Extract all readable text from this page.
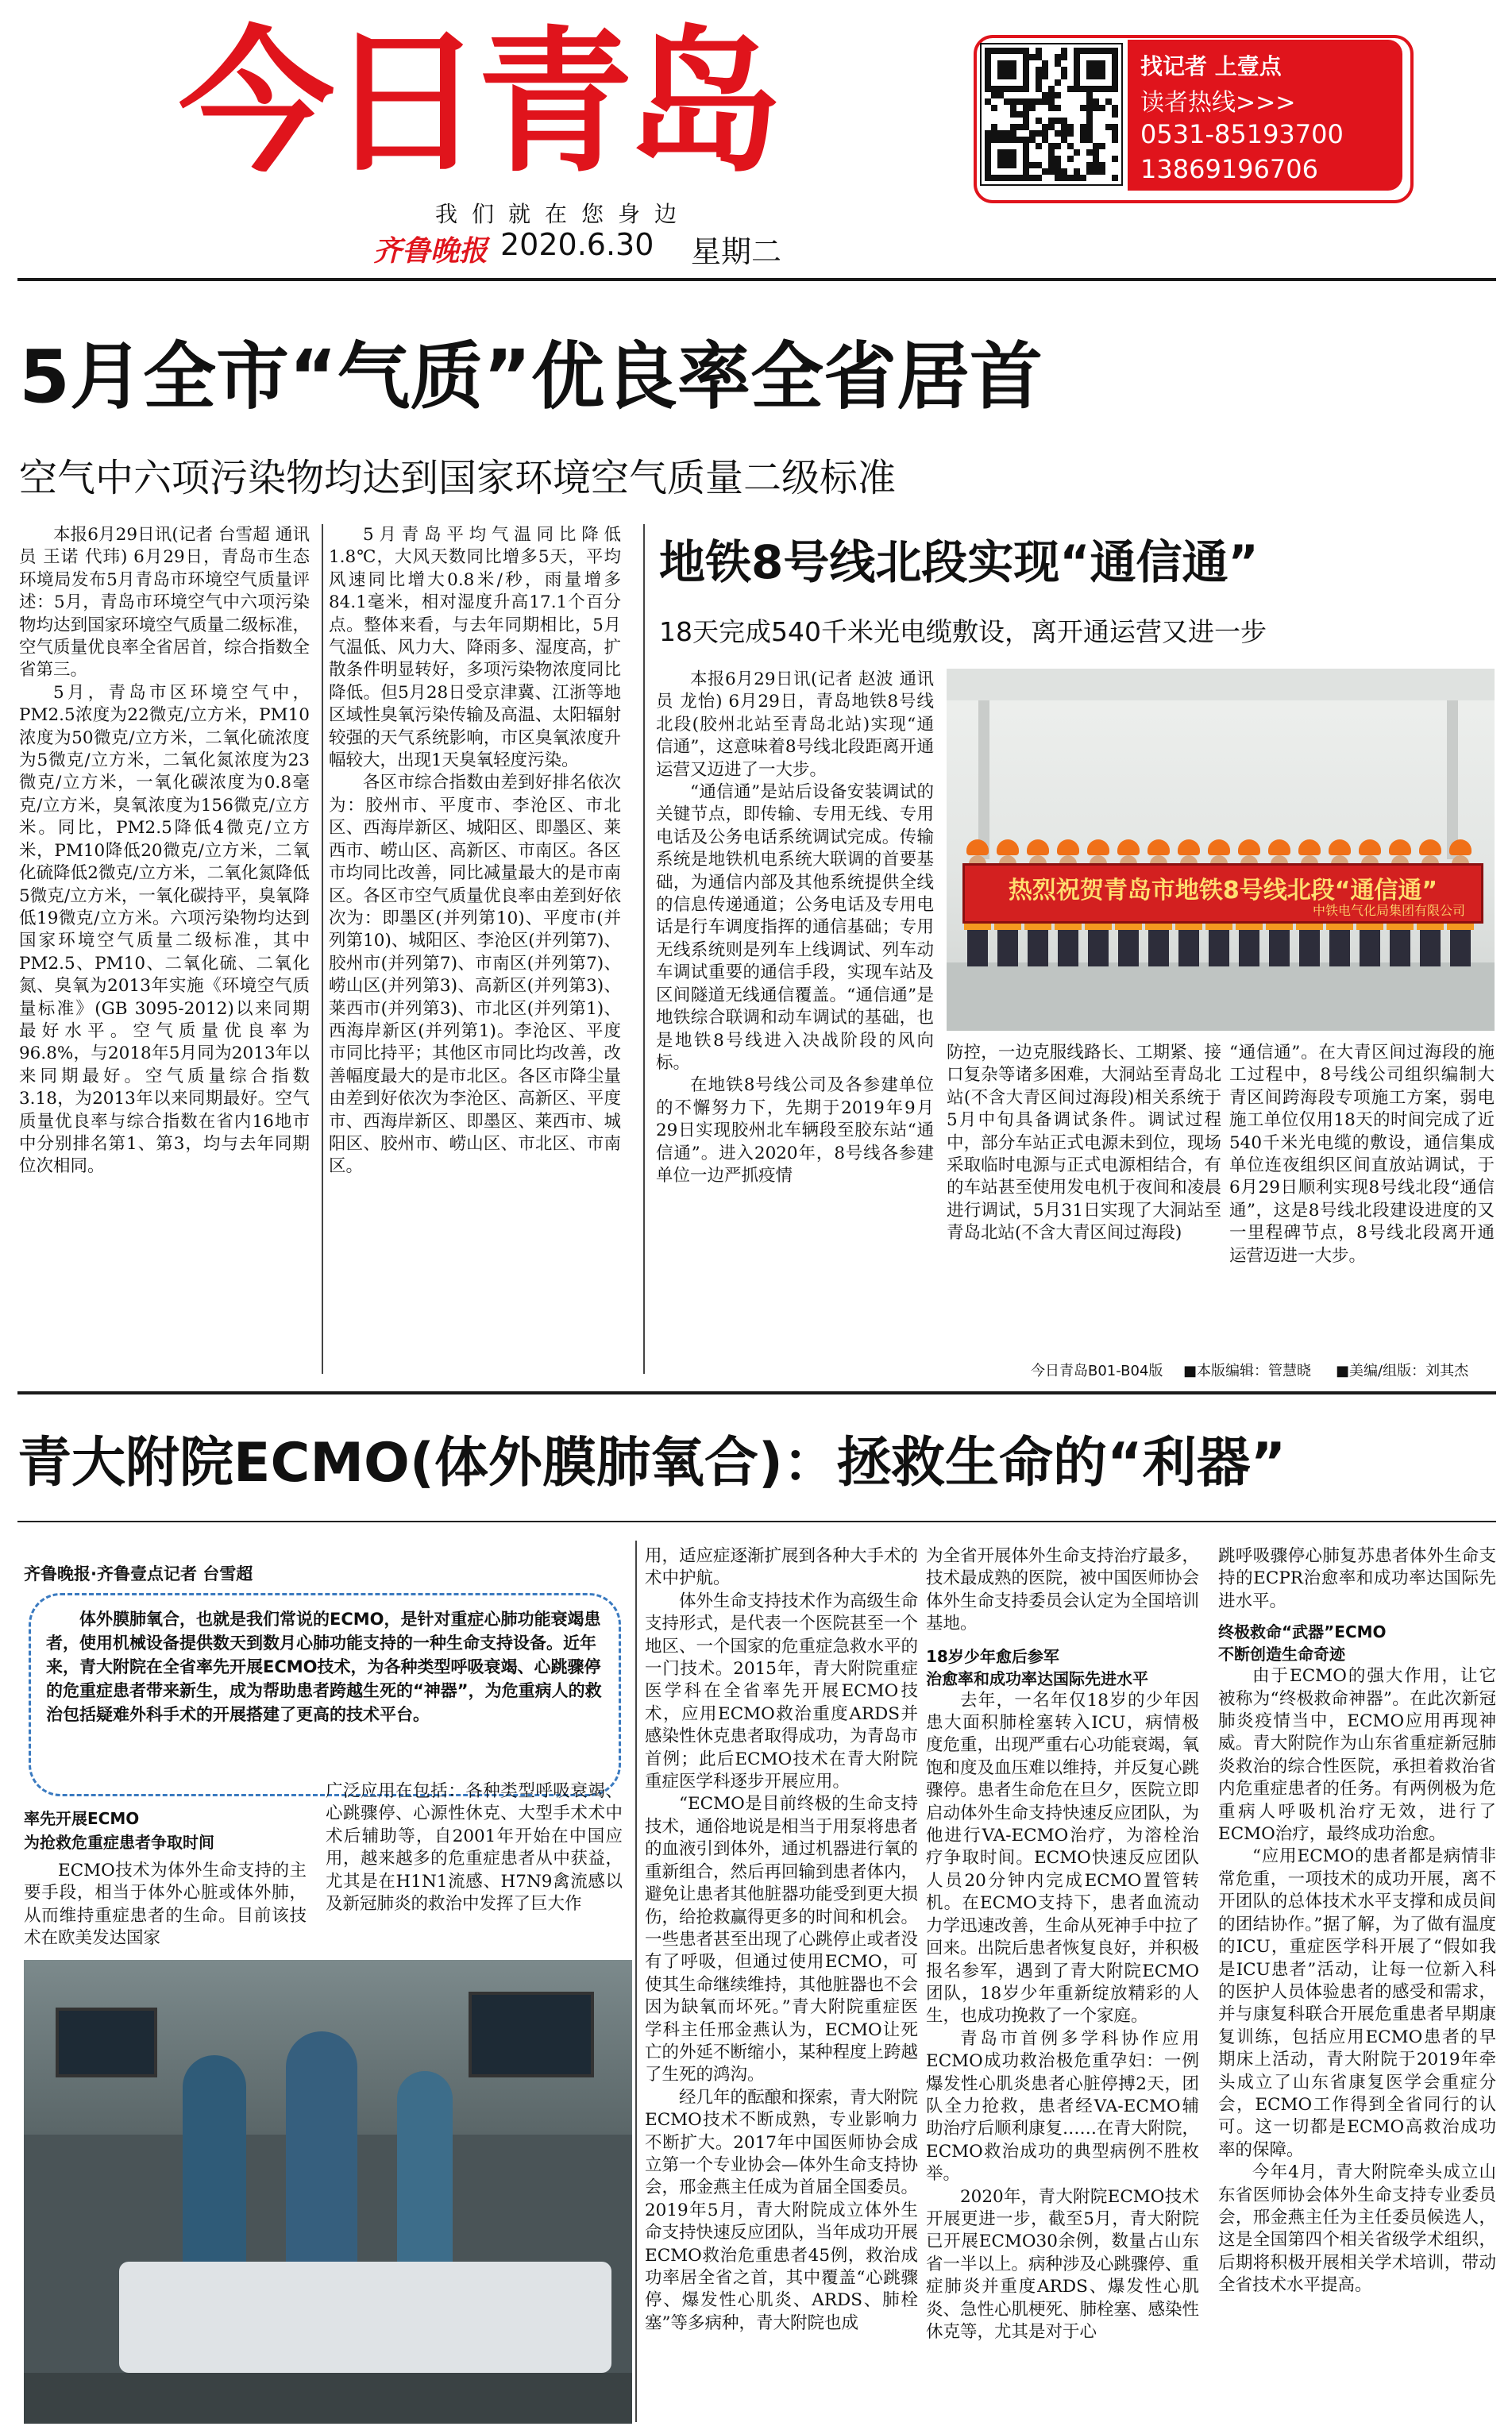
今日青岛
我们就在您身边
齐鲁晚报 2020.6.30 星期二
找记者 上壹点
读者热线>>>
0531-85193700
13869196706
5月全市“气质”优良率全省居首
空气中六项污染物均达到国家环境空气质量二级标准

本报6月29日讯(记者 台雪超 通讯员 王诺 代玮) 6月29日，青岛市生态环境局发布5月青岛市环境空气质量评述：5月，青岛市环境空气中六项污染物均达到国家环境空气质量二级标准，空气质量优良率全省居首，综合指数全省第三。

5月，青岛市区环境空气中，PM2.5浓度为22微克/立方米，PM10浓度为50微克/立方米，二氧化硫浓度为5微克/立方米，二氧化氮浓度为23微克/立方米，一氧化碳浓度为0.8毫克/立方米，臭氧浓度为156微克/立方米。同比，PM2.5降低4微克/立方米，PM10降低20微克/立方米，二氧化硫降低2微克/立方米，二氧化氮降低5微克/立方米，一氧化碳持平，臭氧降低19微克/立方米。六项污染物均达到国家环境空气质量二级标准，其中PM2.5、PM10、二氧化硫、二氧化氮、臭氧为2013年实施《环境空气质量标准》(GB 3095-2012)以来同期最好水平。空气质量优良率为96.8%，与2018年5月同为2013年以来同期最好。空气质量综合指数3.18，为2013年以来同期最好。空气质量优良率与综合指数在省内16地市中分别排名第1、第3，均与去年同期位次相同。

5月青岛平均气温同比降低1.8℃，大风天数同比增多5天，平均风速同比增大0.8米/秒，雨量增多84.1毫米，相对湿度升高17.1个百分点。整体来看，与去年同期相比，5月气温低、风力大、降雨多、湿度高，扩散条件明显转好，多项污染物浓度同比降低。但5月28日受京津冀、江浙等地区域性臭氧污染传输及高温、太阳辐射较强的天气系统影响，市区臭氧浓度升幅较大，出现1天臭氧轻度污染。

各区市综合指数由差到好排名依次为：胶州市、平度市、李沧区、市北区、西海岸新区、城阳区、即墨区、莱西市、崂山区、高新区、市南区。各区市均同比改善，同比减量最大的是市南区。各区市空气质量优良率由差到好依次为：即墨区(并列第10)、平度市(并列第10)、城阳区、李沧区(并列第7)、胶州市(并列第7)、市南区(并列第7)、崂山区(并列第3)、高新区(并列第3)、莱西市(并列第3)、市北区(并列第1)、西海岸新区(并列第1)。李沧区、平度市同比持平；其他区市同比均改善，改善幅度最大的是市北区。各区市降尘量由差到好依次为李沧区、高新区、平度市、西海岸新区、即墨区、莱西市、城阳区、胶州市、崂山区、市北区、市南区。

地铁8号线北段实现“通信通”
18天完成540千米光电缆敷设，离开通运营又进一步

本报6月29日讯(记者 赵波 通讯员 龙怡) 6月29日，青岛地铁8号线北段(胶州北站至青岛北站)实现“通信通”，这意味着8号线北段距离开通运营又迈进了一大步。

“通信通”是站后设备安装调试的关键节点，即传输、专用无线、专用电话及公务电话系统调试完成。传输系统是地铁机电系统大联调的首要基础，为通信内部及其他系统提供全线的信息传递通道；公务电话及专用电话是行车调度指挥的通信基础；专用无线系统则是列车上线调试、列车动车调试重要的通信手段，实现车站及区间隧道无线通信覆盖。“通信通”是地铁综合联调和动车调试的基础，也是地铁8号线进入决战阶段的风向标。

在地铁8号线公司及各参建单位的不懈努力下，先期于2019年9月29日实现胶州北车辆段至胶东站“通信通”。进入2020年，8号线各参建单位一边严抓疫情

热烈祝贺青岛市地铁8号线北段“通信通”
中铁电气化局集团有限公司

防控，一边克服线路长、工期紧、接口复杂等诸多困难，大洞站至青岛北站(不含大青区间过海段)相关系统于5月中旬具备调试条件。调试过程中，部分车站正式电源未到位，现场采取临时电源与正式电源相结合，有的车站甚至使用发电机于夜间和凌晨进行调试，5月31日实现了大洞站至青岛北站(不含大青区间过海段)

“通信通”。在大青区间过海段的施工过程中，8号线公司组织编制大青区间跨海段专项施工方案，弱电施工单位仅用18天的时间完成了近540千米光电缆的敷设，通信集成单位连夜组织区间直放站调试，于6月29日顺利实现8号线北段“通信通”，这是8号线北段建设进度的又一里程碑节点，8号线北段离开通运营迈进一大步。

今日青岛B01-B04版 ■本版编辑：管慧晓 ■美编/组版：刘其杰
青大附院ECMO(体外膜肺氧合)：拯救生命的“利器”
齐鲁晚报·齐鲁壹点记者 台雪超
体外膜肺氧合，也就是我们常说的ECMO，是针对重症心肺功能衰竭患者，使用机械设备提供数天到数月心肺功能支持的一种生命支持设备。近年来，青大附院在全省率先开展ECMO技术，为各种类型呼吸衰竭、心跳骤停的危重症患者带来新生，成为帮助患者跨越生死的“神器”，为危重病人的救治包括疑难外科手术的开展搭建了更高的技术平台。
率先开展ECMO
为抢救危重症患者争取时间

ECMO技术为体外生命支持的主要手段，相当于体外心脏或体外肺，从而维持重症患者的生命。目前该技术在欧美发达国家

广泛应用在包括：各种类型呼吸衰竭、心跳骤停、心源性休克、大型手术术中术后辅助等，自2001年开始在中国应用，越来越多的危重症患者从中获益，尤其是在H1N1流感、H7N9禽流感以及新冠肺炎的救治中发挥了巨大作

用，适应症逐渐扩展到各种大手术的术中护航。

体外生命支持技术作为高级生命支持形式，是代表一个医院甚至一个地区、一个国家的危重症急救水平的一门技术。2015年，青大附院重症医学科在全省率先开展ECMO技术，应用ECMO救治重度ARDS并感染性休克患者取得成功，为青岛市首例；此后ECMO技术在青大附院重症医学科逐步开展应用。

“ECMO是目前终极的生命支持技术，通俗地说是相当于用泵将患者的血液引到体外，通过机器进行氧的重新组合，然后再回输到患者体内，避免让患者其他脏器功能受到更大损伤，给抢救赢得更多的时间和机会。一些患者甚至出现了心跳停止或者没有了呼吸，但通过使用ECMO，可使其生命继续维持，其他脏器也不会因为缺氧而坏死。”青大附院重症医学科主任邢金燕认为，ECMO让死亡的外延不断缩小，某种程度上跨越了生死的鸿沟。

经几年的酝酿和探索，青大附院ECMO技术不断成熟，专业影响力不断扩大。2017年中国医师协会成立第一个专业协会—体外生命支持协会，邢金燕主任成为首届全国委员。2019年5月，青大附院成立体外生命支持快速反应团队，当年成功开展ECMO救治危重患者45例，救治成功率居全省之首，其中覆盖“心跳骤停、爆发性心肌炎、ARDS、肺栓塞”等多病种，青大附院也成

为全省开展体外生命支持治疗最多，技术最成熟的医院，被中国医师协会体外生命支持委员会认定为全国培训基地。

18岁少年愈后参军
治愈率和成功率达国际先进水平

去年，一名年仅18岁的少年因患大面积肺栓塞转入ICU，病情极度危重，出现严重右心功能衰竭，氧饱和度及血压难以维持，并反复心跳骤停。患者生命危在旦夕，医院立即启动体外生命支持快速反应团队，为他进行VA-ECMO治疗，为溶栓治疗争取时间。ECMO快速反应团队人员20分钟内完成ECMO置管转机。在ECMO支持下，患者血流动力学迅速改善，生命从死神手中拉了回来。出院后患者恢复良好，并积极报名参军，遇到了青大附院ECMO团队，18岁少年重新绽放精彩的人生，也成功挽救了一个家庭。

青岛市首例多学科协作应用ECMO成功救治极危重孕妇：一例爆发性心肌炎患者心脏停搏2天，团队全力抢救，患者经VA-ECMO辅助治疗后顺利康复……在青大附院，ECMO救治成功的典型病例不胜枚举。

2020年，青大附院ECMO技术开展更进一步，截至5月，青大附院已开展ECMO30余例，数量占山东省一半以上。病种涉及心跳骤停、重症肺炎并重度ARDS、爆发性心肌炎、急性心肌梗死、肺栓塞、感染性休克等，尤其是对于心

跳呼吸骤停心肺复苏患者体外生命支持的ECPR治愈率和成功率达国际先进水平。

终极救命“武器”ECMO
不断创造生命奇迹

由于ECMO的强大作用，让它被称为“终极救命神器”。在此次新冠肺炎疫情当中，ECMO应用再现神威。青大附院作为山东省重症新冠肺炎救治的综合性医院，承担着救治省内危重症患者的任务。有两例极为危重病人呼吸机治疗无效，进行了ECMO治疗，最终成功治愈。

“应用ECMO的患者都是病情非常危重，一项技术的成功开展，离不开团队的总体技术水平支撑和成员间的团结协作。”据了解，为了做有温度的ICU，重症医学科开展了“假如我是ICU患者”活动，让每一位新入科的医护人员体验患者的感受和需求，并与康复科联合开展危重患者早期康复训练，包括应用ECMO患者的早期床上活动，青大附院于2019年牵头成立了山东省康复医学会重症分会，ECMO工作得到全省同行的认可。这一切都是ECMO高救治成功率的保障。

今年4月，青大附院牵头成立山东省医师协会体外生命支持专业委员会，邢金燕主任为主任委员候选人，这是全国第四个相关省级学术组织，后期将积极开展相关学术培训，带动全省技术水平提高。
